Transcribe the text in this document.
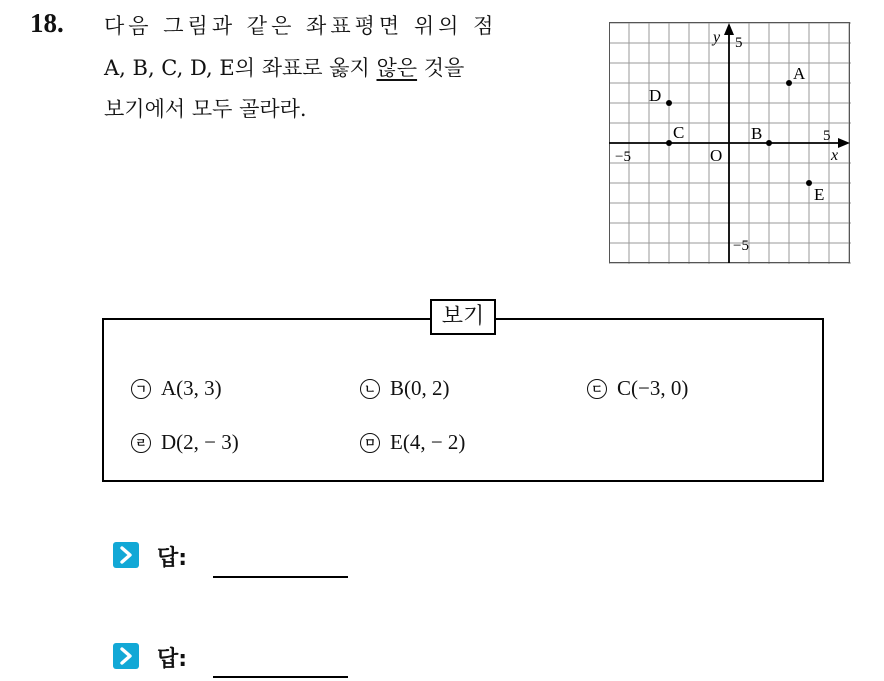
18. 다음 그림과 같은 좌표평면 위의 점
A, B, C, D, E의 좌표로 옳지 않은 것을
보기에서 모두 골라라.
y
x
O
5
−5
5
−5
A
B
C
D
E
보기
ㄱ A(3, 3)	ㄴ B(0, 2)	ㄷ C(−3, 0)
ㄹ D(2, − 3)	ㅁ E(4, − 2)
답:
답:
